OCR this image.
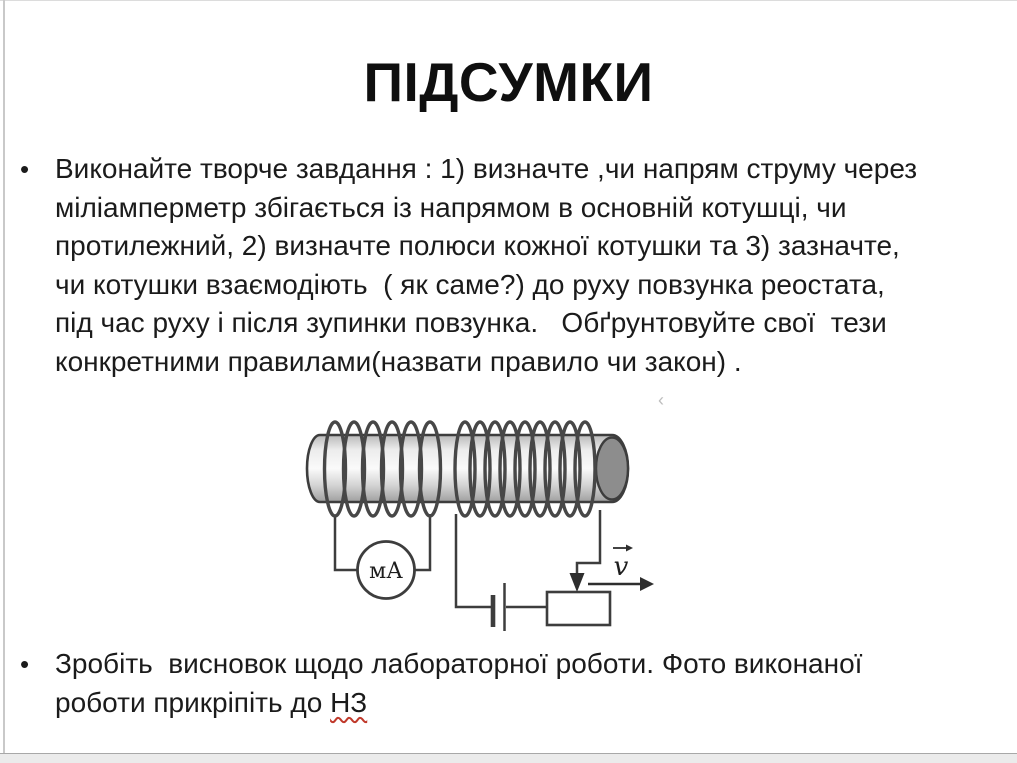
ПІДСУМКИ
• Виконайте творче завдання : 1) визначте ,чи напрям струму через
міліамперметр збігається із напрямом в основній котушці, чи
протилежний, 2) визначте полюси кожної котушки та 3) зазначте,
чи котушки взаємодіють  ( як саме?) до руху повзунка реостата,
під час руху і після зупинки повзунка.   Обґрунтовуйте свої  тези
конкретними правилами(назвати правило чи закон) .
v
мА
‹
• Зробіть  висновок щодо лабораторної роботи. Фото виконаної
роботи прикріпіть до НЗ
